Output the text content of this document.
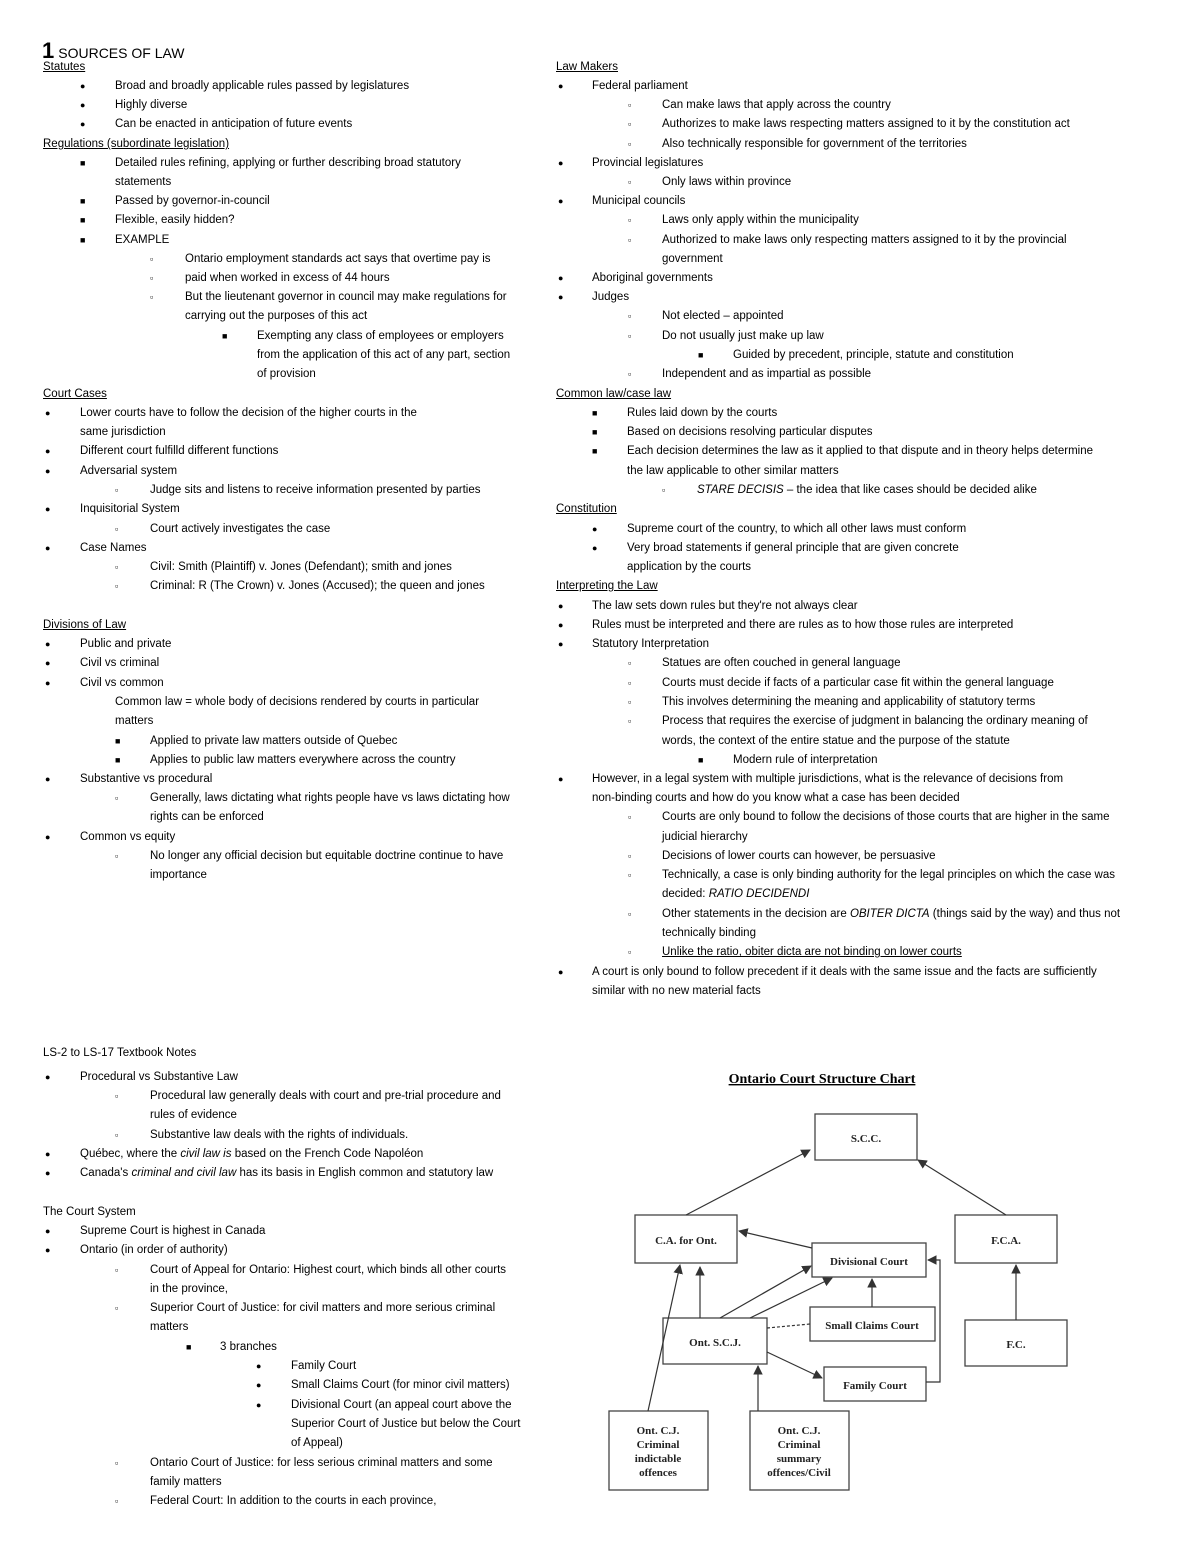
1 SOURCES OF LAW
Statutes
●	Broad and broadly applicable rules passed by legislatures
●	Highly diverse
●	Can be enacted in anticipation of future events
Regulations (subordinate legislation)
■	Detailed rules refining, applying or further describing broad statutory
statements
■	Passed by governor-in-council
■	Flexible, easily hidden?
■	EXAMPLE
▫	Ontario employment standards act says that overtime pay is
▫	paid when worked in excess of 44 hours
▫	But the lieutenant governor in council may make regulations for
carrying out the purposes of this act
■	Exempting any class of employees or employers
from the application of this act of any part, section
of provision
Court Cases
●	Lower courts have to follow the decision of the higher courts in the
same jurisdiction
●	Different court fulfilld different functions
●	Adversarial system
▫	Judge sits and listens to receive information presented by parties
●	Inquisitorial System
▫	Court actively investigates the case
●	Case Names
▫	Civil: Smith (Plaintiff) v. Jones (Defendant); smith and jones
▫	Criminal: R (The Crown) v. Jones (Accused); the queen and jones
Divisions of Law
●	Public and private
●	Civil vs criminal
●	Civil vs common
Common law = whole body of decisions rendered by courts in particular
matters
■	Applied to private law matters outside of Quebec
■	Applies to public law matters everywhere across the country
●	Substantive vs procedural
▫	Generally, laws dictating what rights people have vs laws dictating how
rights can be enforced
●	Common vs equity
▫	No longer any official decision but equitable doctrine continue to have
importance
Law Makers
● Federal parliament
▫	Can make laws that apply across the country
▫	Authorizes to make laws respecting matters assigned to it by the constitution act
▫	Also technically responsible for government of the territories
● Provincial legislatures
▫	Only laws within province
● Municipal councils
▫	Laws only apply within the municipality
▫	Authorized to make laws only respecting matters assigned to it by the provincial
government
● Aboriginal governments
● Judges
▫	Not elected – appointed
▫	Do not usually just make up law
■	Guided by precedent, principle, statute and constitution
▫	Independent and as impartial as possible
Common law/case law
■	Rules laid down by the courts
■	Based on decisions resolving particular disputes
■	Each decision determines the law as it applied to that dispute and in theory helps determine
the law applicable to other similar matters
▫	STARE DECISIS – the idea that like cases should be decided alike
Constitution
●	Supreme court of the country, to which all other laws must conform
●	Very broad statements if general principle that are given concrete
application by the courts
Interpreting the Law
● The law sets down rules but they're not always clear
● Rules must be interpreted and there are rules as to how those rules are interpreted
● Statutory Interpretation
▫	Statues are often couched in general language
▫	Courts must decide if facts of a particular case fit within the general language
▫	This involves determining the meaning and applicability of statutory terms
▫	Process that requires the exercise of judgment in balancing the ordinary meaning of
words, the context of the entire statue and the purpose of the statute
■	Modern rule of interpretation
● However, in a legal system with multiple jurisdictions, what is the relevance of decisions from
non-binding courts and how do you know what a case has been decided
▫	Courts are only bound to follow the decisions of those courts that are higher in the same
judicial hierarchy
▫	Decisions of lower courts can however, be persuasive
▫	Technically, a case is only binding authority for the legal principles on which the case was
decided: RATIO DECIDENDI
▫	Other statements in the decision are OBITER DICTA (things said by the way) and thus not
technically binding
▫	Unlike the ratio, obiter dicta are not binding on lower courts
● A court is only bound to follow precedent if it deals with the same issue and the facts are sufficiently
similar with no new material facts
LS-2 to LS-17 Textbook Notes
●	Procedural vs Substantive Law
▫	Procedural law generally deals with court and pre-trial procedure and
rules of evidence
▫	Substantive law deals with the rights of individuals.
●	Québec, where the civil law is based on the French Code Napoléon
●	Canada's criminal and civil law has its basis in English common and statutory law
The Court System
●	Supreme Court is highest in Canada
●	Ontario (in order of authority)
▫	Court of Appeal for Ontario: Highest court, which binds all other courts
in the province,
▫	Superior Court of Justice: for civil matters and more serious criminal
matters
■ 3 branches
●	Family Court
●	Small Claims Court (for minor civil matters)
●	Divisional Court (an appeal court above the
Superior Court of Justice but below the Court
of Appeal)
▫	Ontario Court of Justice: for less serious criminal matters and some
family matters
▫	Federal Court: In addition to the courts in each province,
Ontario Court Structure Chart
S.C.C.
C.A. for Ont.	F.C.A.
Divisional Court
Small Claims Court
Ont. S.C.J.	F.C.
Family Court
Ont. C.J.
Criminal
indictable
offences
Ont. C.J.
Criminal
summary
offences/Civil
